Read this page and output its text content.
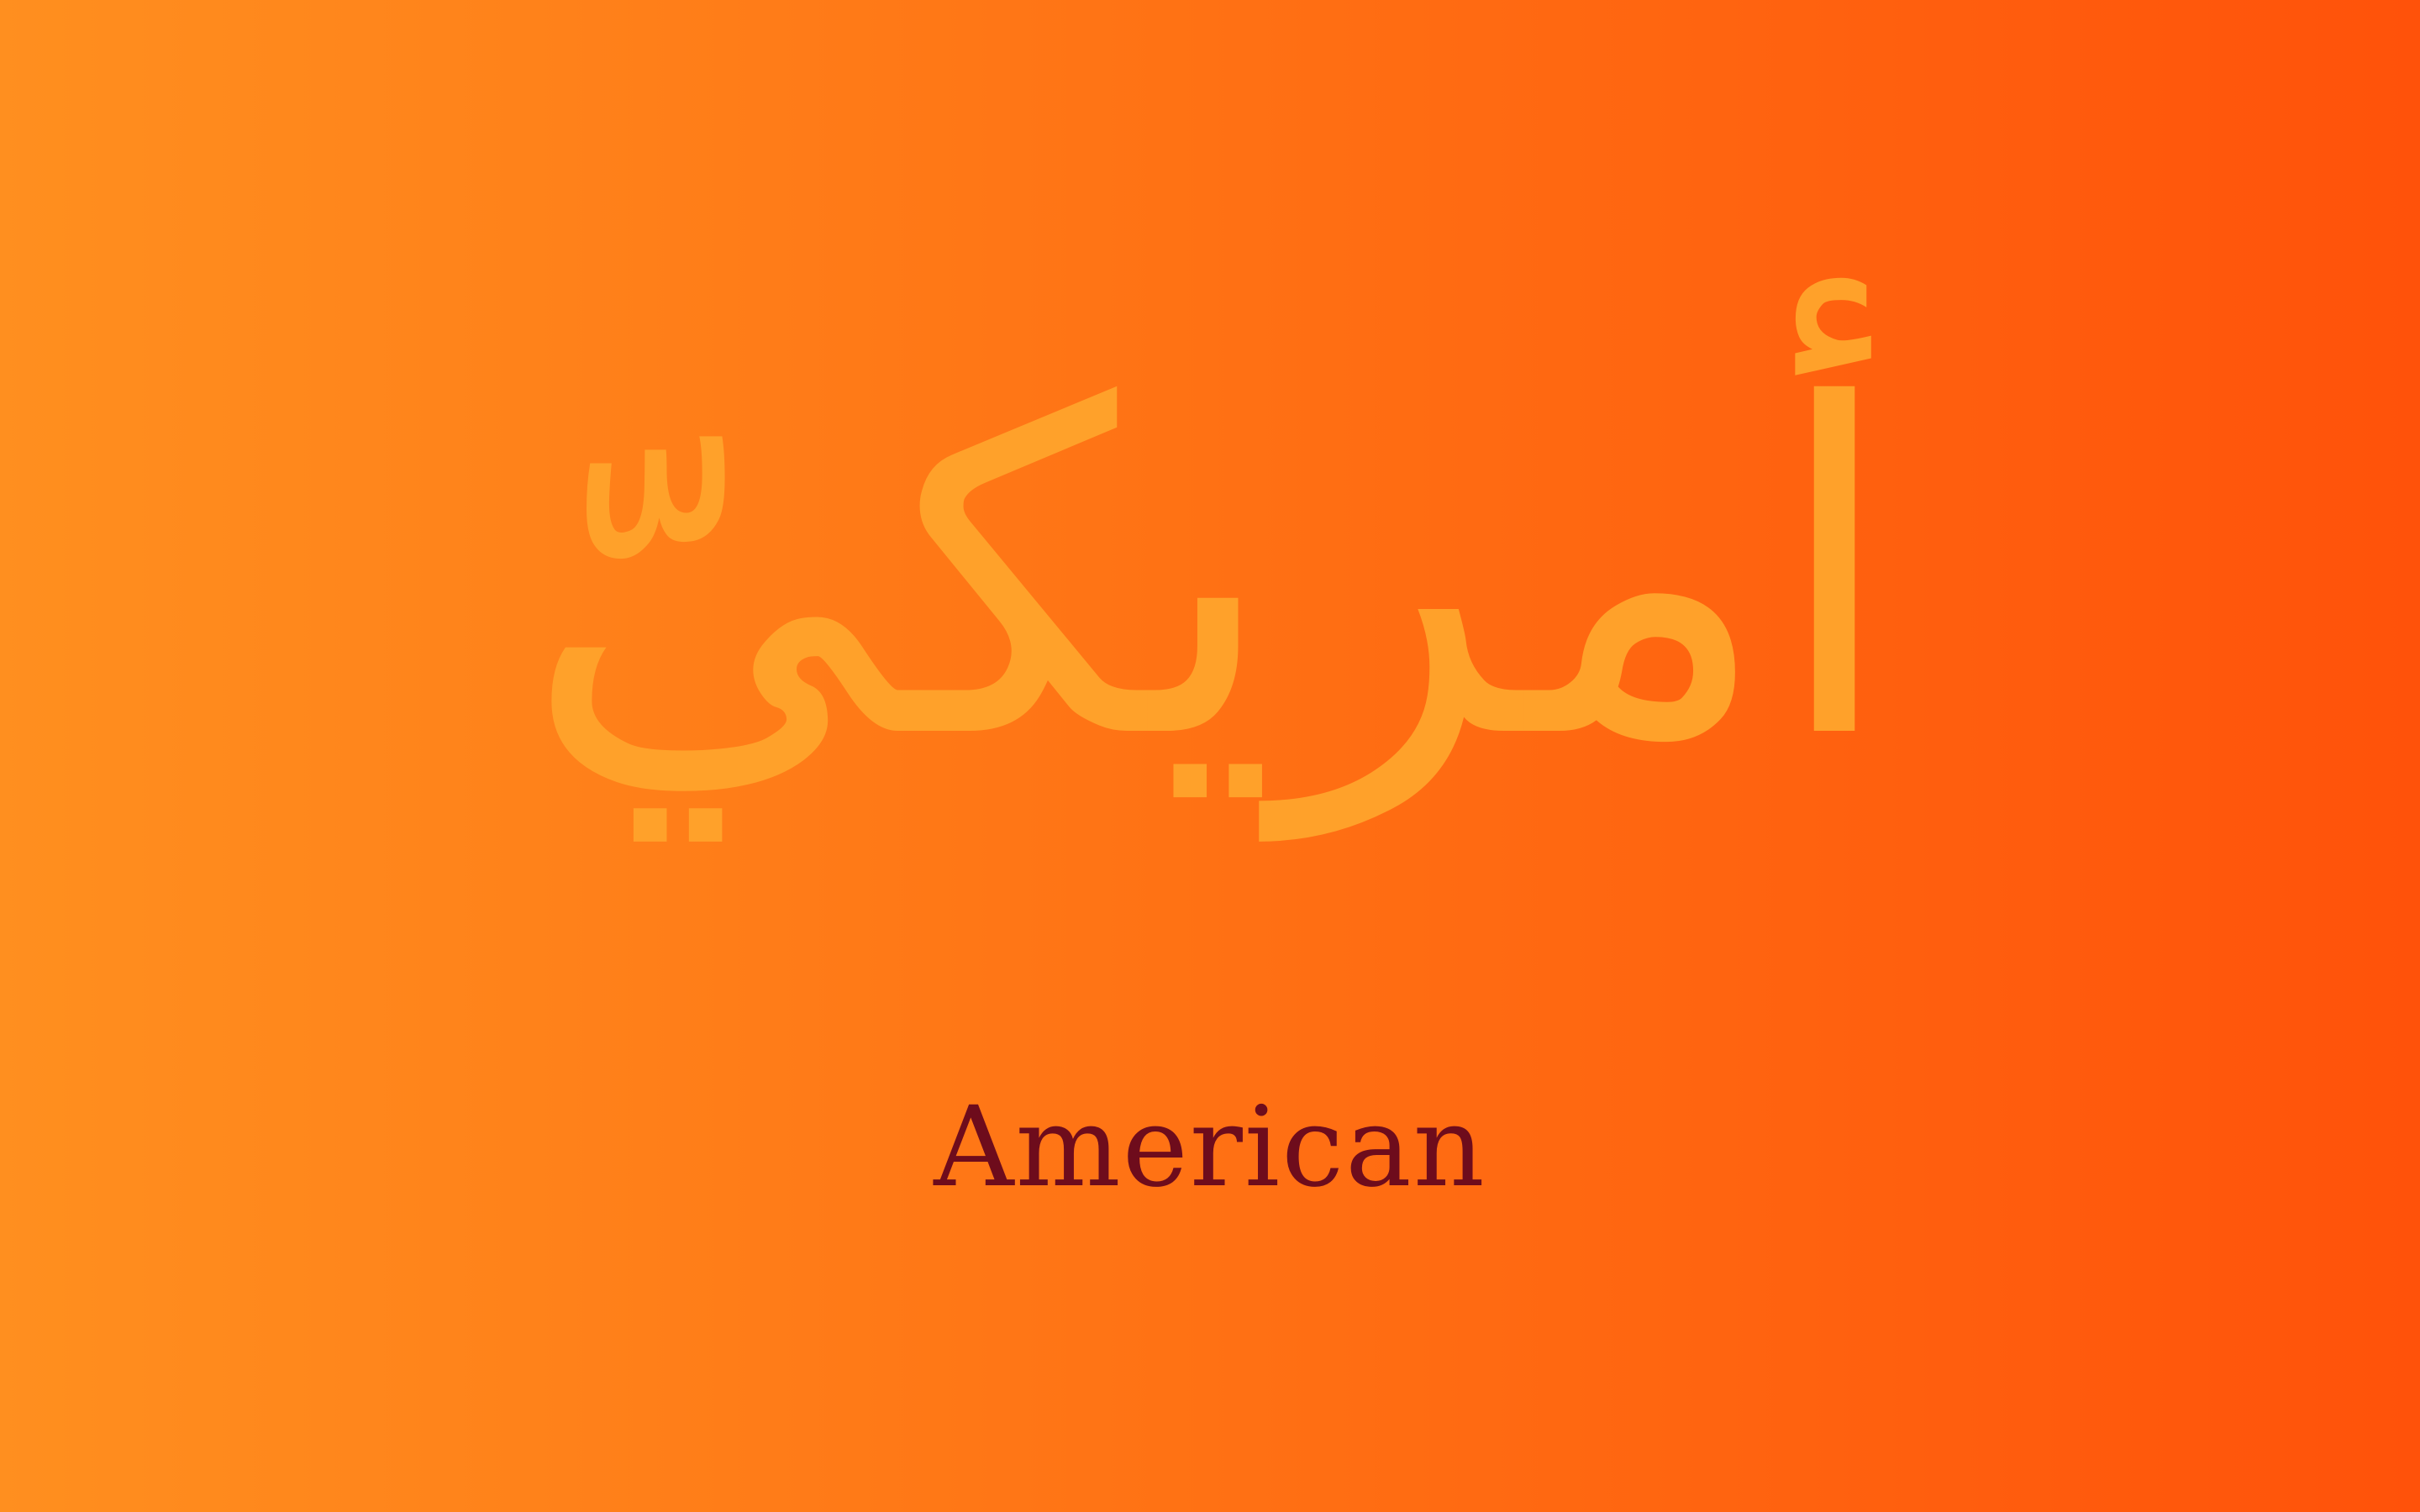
أمريكيّ
American
